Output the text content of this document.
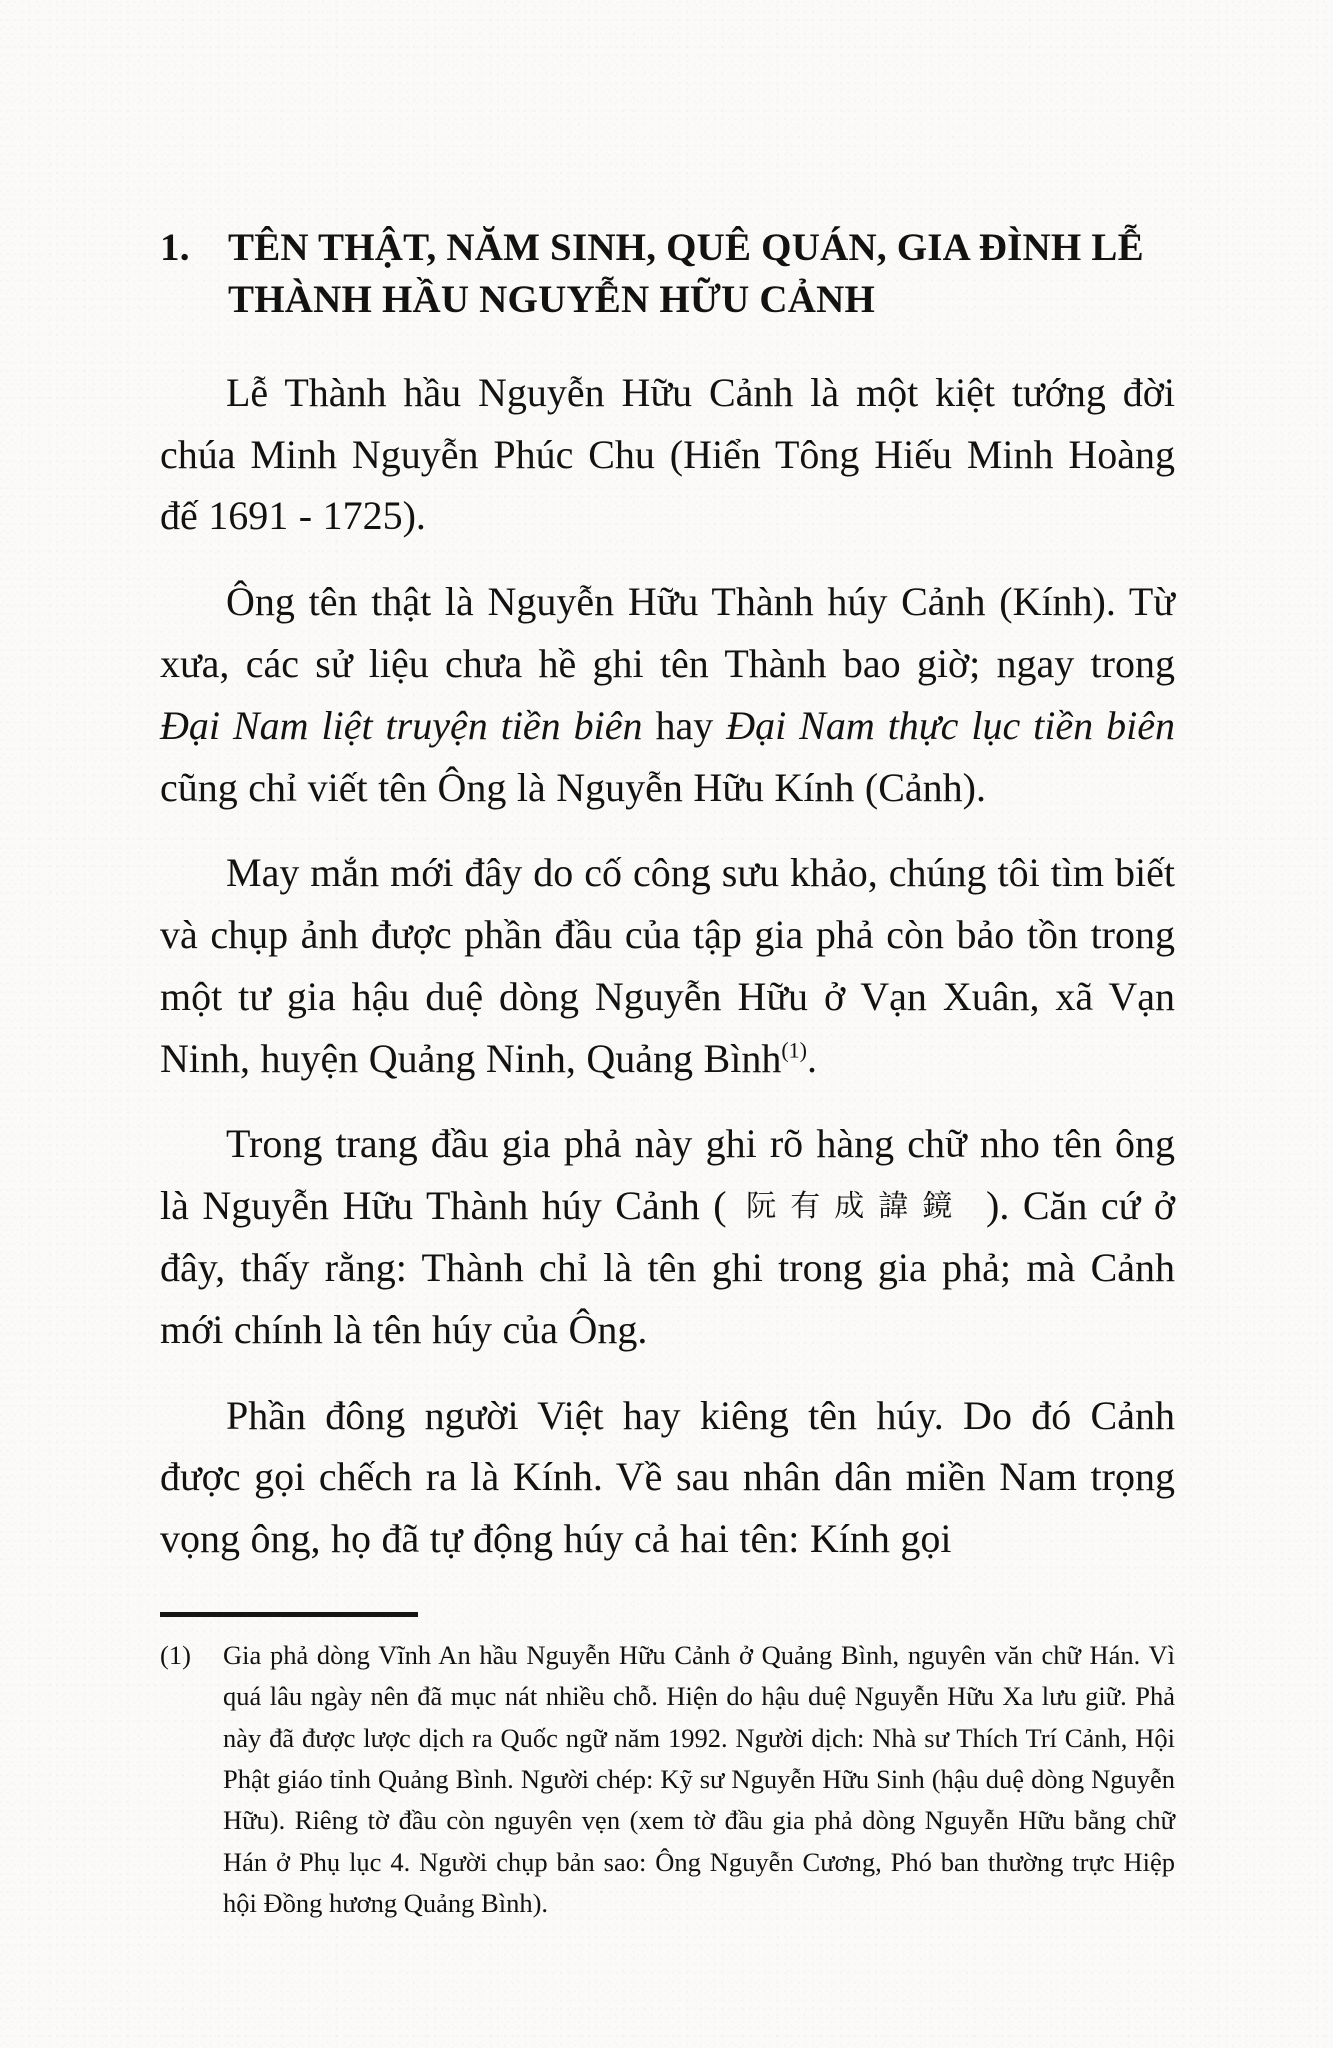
1. TÊN THẬT, NĂM SINH, QUÊ QUÁN, GIA ĐÌNH LỄ
THÀNH HẦU NGUYỄN HỮU CẢNH

Lễ Thành hầu Nguyễn Hữu Cảnh là một kiệt tướng đời chúa Minh Nguyễn Phúc Chu (Hiển Tông Hiếu Minh Hoàng đế 1691 - 1725).

Ông tên thật là Nguyễn Hữu Thành húy Cảnh (Kính). Từ xưa, các sử liệu chưa hề ghi tên Thành bao giờ; ngay trong Đại Nam liệt truyện tiền biên hay Đại Nam thực lục tiền biên cũng chỉ viết tên Ông là Nguyễn Hữu Kính (Cảnh).

May mắn mới đây do cố công sưu khảo, chúng tôi tìm biết và chụp ảnh được phần đầu của tập gia phả còn bảo tồn trong một tư gia hậu duệ dòng Nguyễn Hữu ở Vạn Xuân, xã Vạn Ninh, huyện Quảng Ninh, Quảng Bình$^{(1)}$.

Trong trang đầu gia phả này ghi rõ hàng chữ nho tên ông là Nguyễn Hữu Thành húy Cảnh ( 阮有成諱鏡 ). Căn cứ ở đây, thấy rằng: Thành chỉ là tên ghi trong gia phả; mà Cảnh mới chính là tên húy của Ông.

Phần đông người Việt hay kiêng tên húy. Do đó Cảnh được gọi chếch ra là Kính. Về sau nhân dân miền Nam trọng vọng ông, họ đã tự động húy cả hai tên: Kính gọi

(1) Gia phả dòng Vĩnh An hầu Nguyễn Hữu Cảnh ở Quảng Bình, nguyên văn chữ Hán. Vì quá lâu ngày nên đã mục nát nhiều chỗ. Hiện do hậu duệ Nguyễn Hữu Xa lưu giữ. Phả này đã được lược dịch ra Quốc ngữ năm 1992. Người dịch: Nhà sư Thích Trí Cảnh, Hội Phật giáo tỉnh Quảng Bình. Người chép: Kỹ sư Nguyễn Hữu Sinh (hậu duệ dòng Nguyễn Hữu). Riêng tờ đầu còn nguyên vẹn (xem tờ đầu gia phả dòng Nguyễn Hữu bằng chữ Hán ở Phụ lục 4. Người chụp bản sao: Ông Nguyễn Cương, Phó ban thường trực Hiệp hội Đồng hương Quảng Bình).
